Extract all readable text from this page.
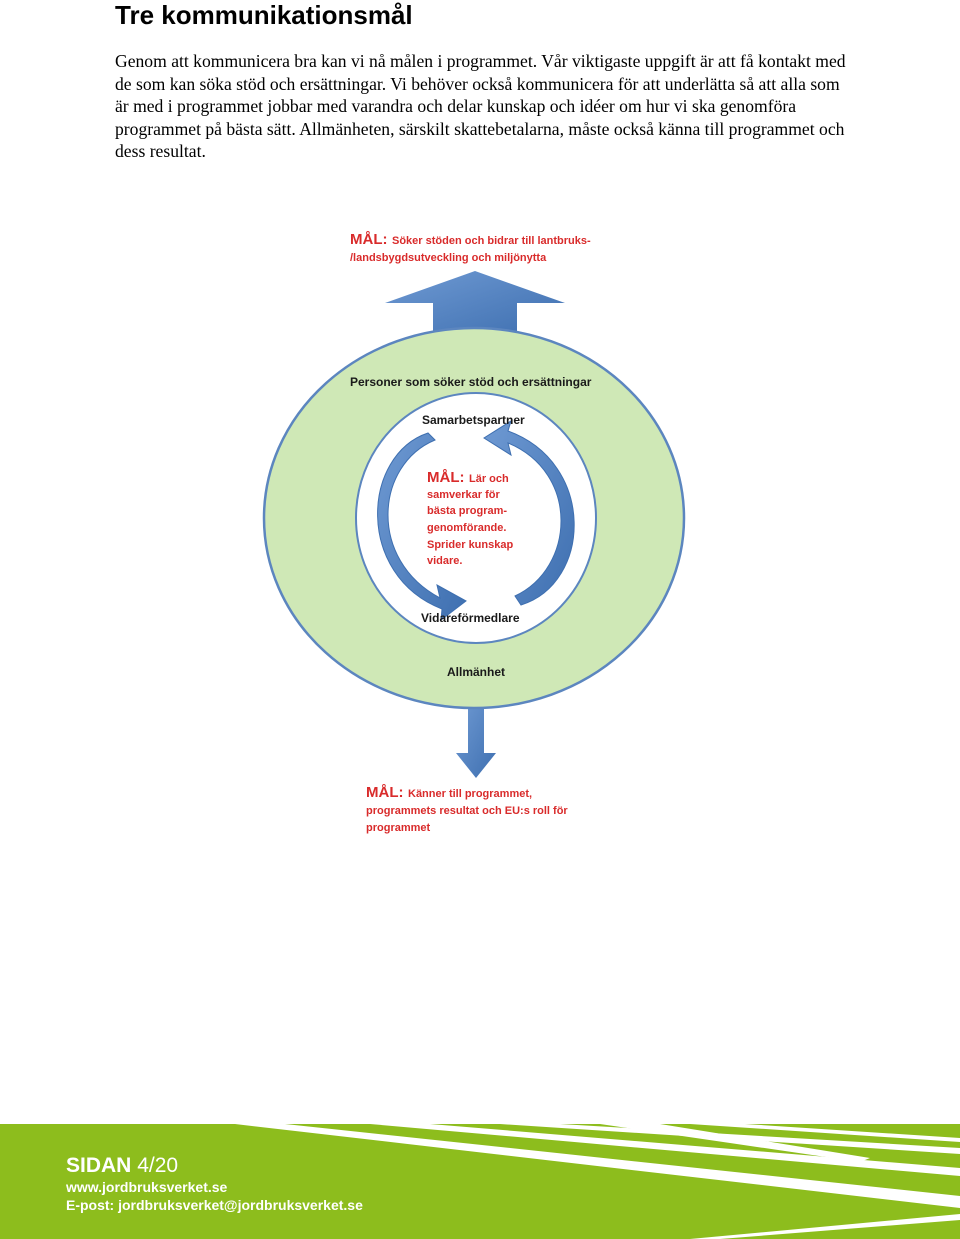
Tre kommunikationsmål

Genom att kommunicera bra kan vi nå målen i programmet. Vår viktigaste uppgift är att få kontakt med de som kan söka stöd och ersättningar. Vi behöver också kommunicera för att underlätta så att alla som är med i programmet jobbar med varandra och delar kunskap och idéer om hur vi ska genomföra programmet på bästa sätt. Allmänheten, särskilt skattebetalarna, måste också känna till programmet och dess resultat.

MÅL: Söker stöden och bidrar till lantbruks-
/landsbygdsutveckling och miljönytta
Personer som söker stöd och ersättningar
Samarbetspartner
Vidareförmedlare
Allmänhet
MÅL: Lär och
samverkar för
bästa program-
genomförande.
Sprider kunskap
vidare.
MÅL: Känner till programmet,
programmets resultat och EU:s roll för
programmet
SIDAN 4/20
www.jordbruksverket.se
E-post: jordbruksverket@jordbruksverket.se
